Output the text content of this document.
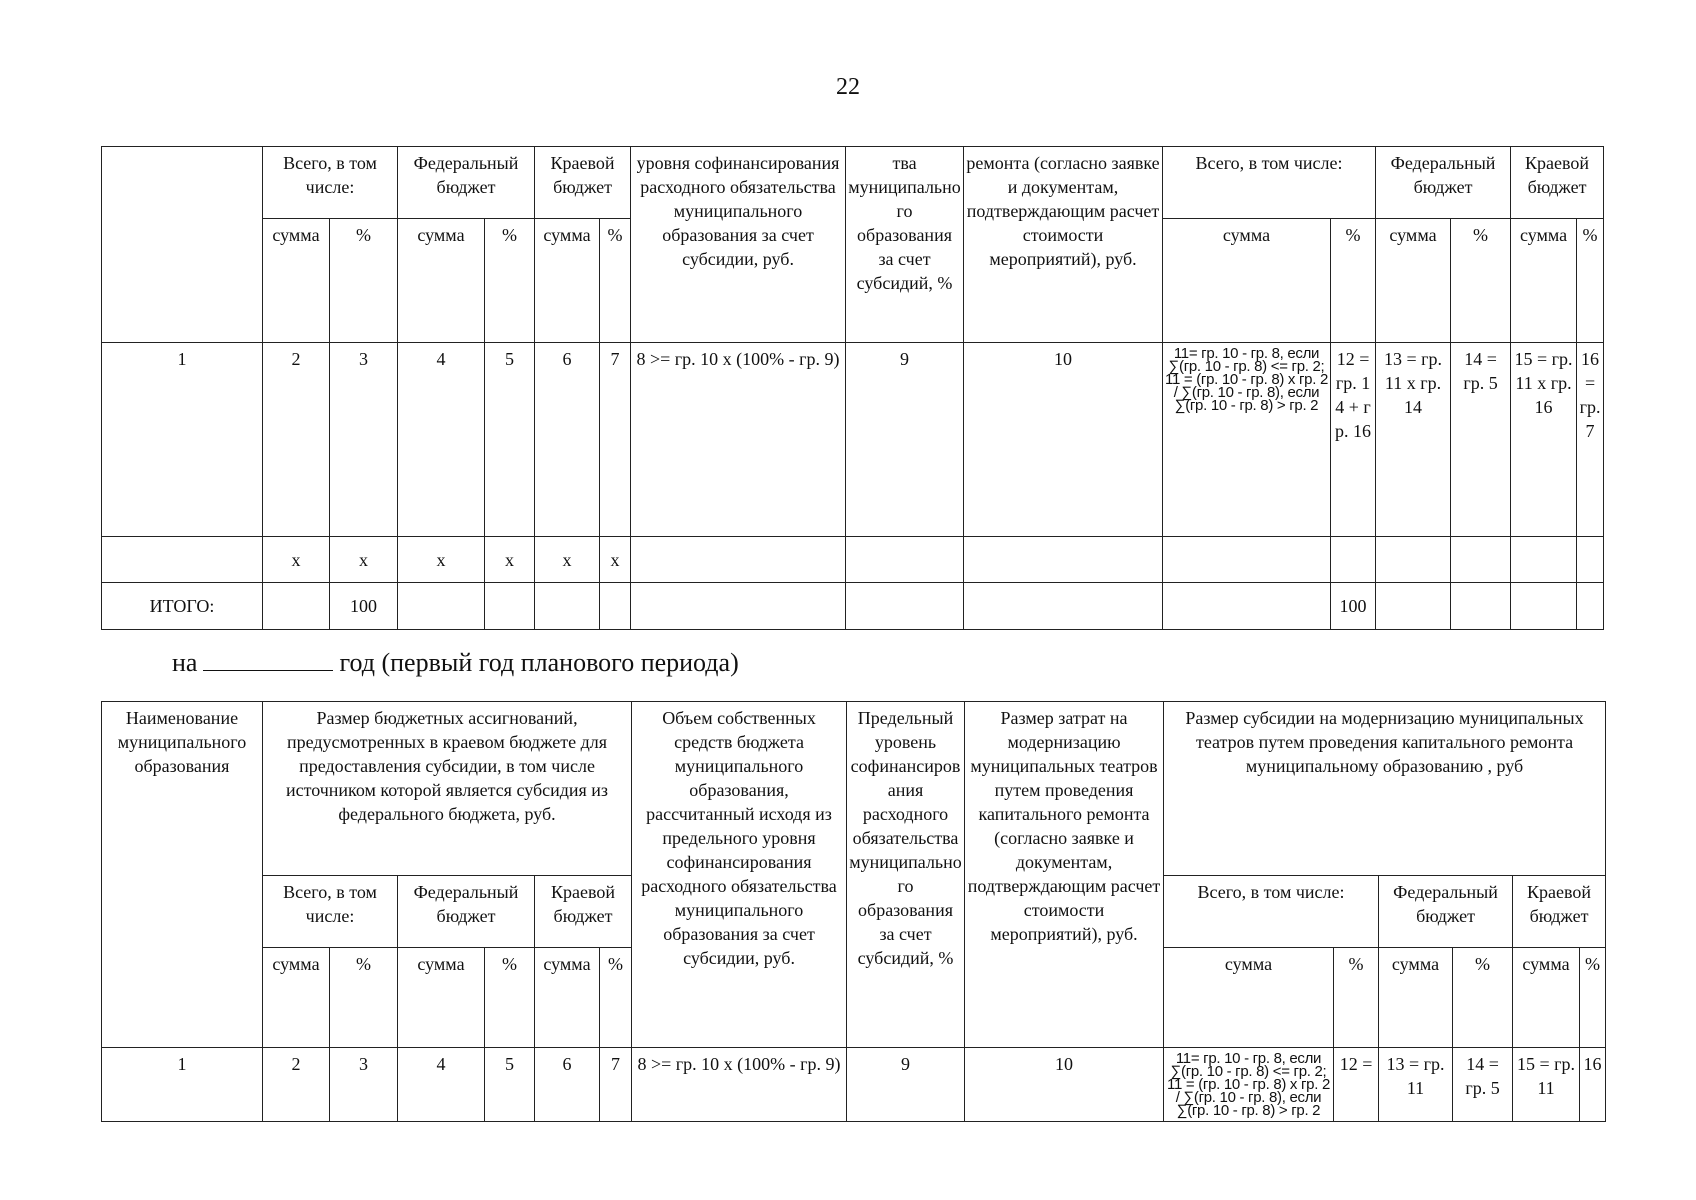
22
	Всего, в том числе:		Федеральный бюджет		Краевой бюджет		уровня софинансирования расходного обязательства муниципального образования за счет субсидии, руб.	тва муниципального образования за счет субсидий, %	ремонта (согласно заявке и документам, подтверждающим расчет стоимости мероприятий), руб.	Всего, в том числе:		Федеральный бюджет		Краевой бюджет	
	сумма	%	сумма	%	сумма	%				сумма	%	сумма	%	сумма	%
1	2	3	4	5	6	7	8 >= гр. 10 х (100% - гр. 9)	9	10	11= гр. 10 - гр. 8, если ∑(гр. 10 - гр. 8) <= гр. 2; 11 = (гр. 10 - гр. 8) х гр. 2 / ∑(гр. 10 - гр. 8), если ∑(гр. 10 - гр. 8) > гр. 2	12 = гр. 14 + гр. 16	13 = гр. 11 х гр. 14	14 = гр. 5	15 = гр. 11 х гр. 16	16 = гр. 7
	x	x	x	x	x	x									
ИТОГО:		100									100				
на	год (первый год планового периода)
Наименование муниципального образования	Размер бюджетных ассигнований, предусмотренных в краевом бюджете для предоставления субсидии, в том числе источником которой является субсидия из федерального бюджета, руб.						Объем собственных средств бюджета муниципального образования, рассчитанный исходя из предельного уровня софинансирования расходного обязательства муниципального образования за счет субсидии, руб.	Предельный уровень софинансирования расходного обязательства муниципального образования за счет субсидий, %	Размер затрат на модернизацию муниципальных театров путем проведения капитального ремонта (согласно заявке и документам, подтверждающим расчет стоимости мероприятий), руб.	Размер субсидии на модернизацию муниципальных театров путем проведения капитального ремонта муниципальному образованию , руб					
	Всего, в том числе:		Федеральный бюджет		Краевой бюджет					Всего, в том числе:		Федеральный бюджет		Краевой бюджет	
	сумма	%	сумма	%	сумма	%				сумма	%	сумма	%	сумма	%
1	2	3	4	5	6	7	8 >= гр. 10 х (100% - гр. 9)	9	10	11= гр. 10 - гр. 8, если ∑(гр. 10 - гр. 8) <= гр. 2; 11 = (гр. 10 - гр. 8) х гр. 2 / ∑(гр. 10 - гр. 8), если ∑(гр. 10 - гр. 8) > гр. 2	12 =	13 = гр. 11	14 = гр. 5	15 = гр. 11	16
